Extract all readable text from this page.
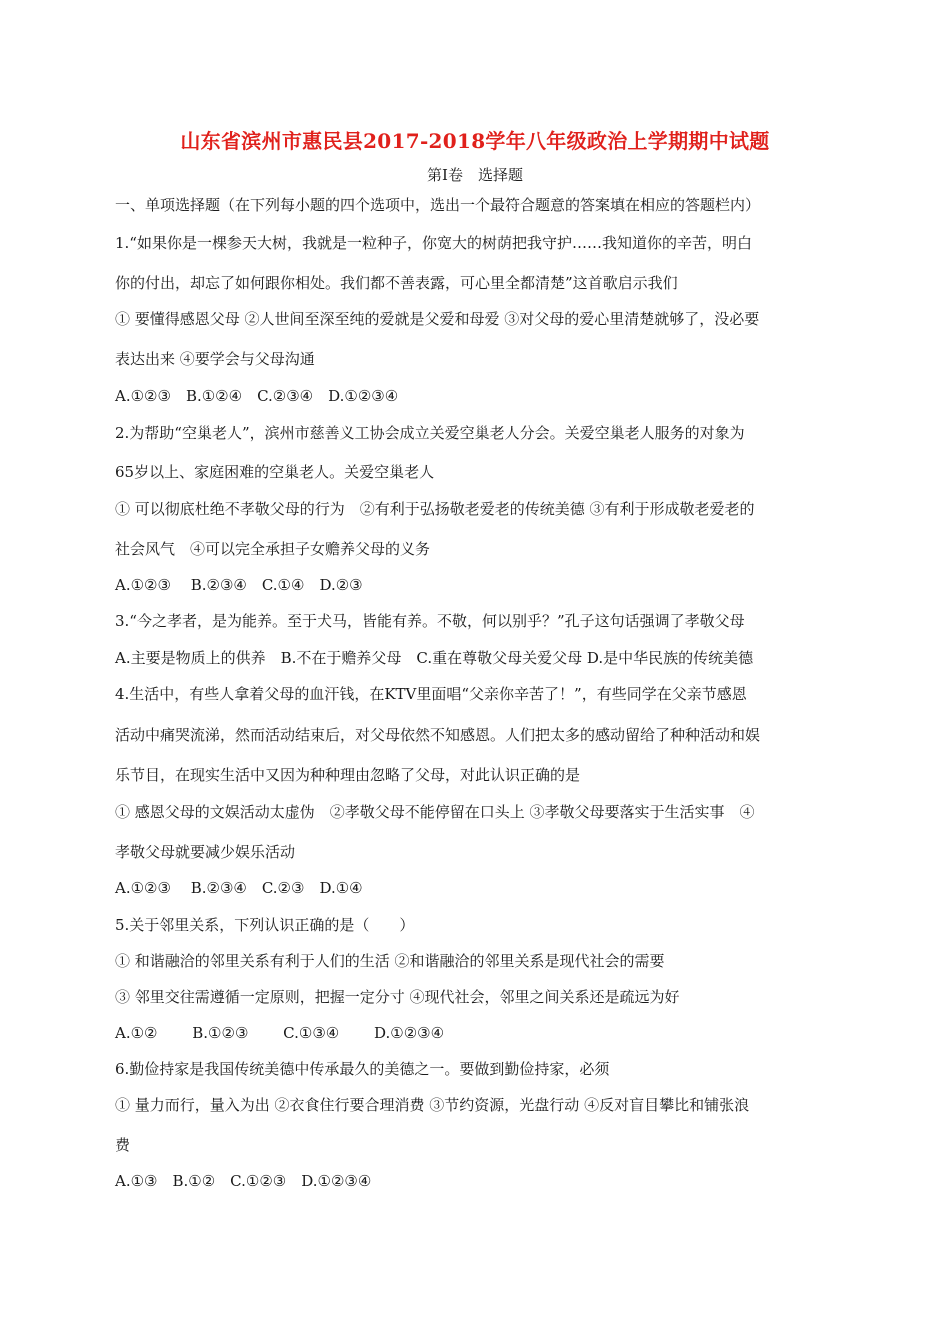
山东省滨州市惠民县2017-2018学年八年级政治上学期期中试题
第Ⅰ卷　选择题
一、单项选择题（在下列每小题的四个选项中，选出一个最符合题意的答案填在相应的答题栏内）
1.“如果你是一棵参天大树，我就是一粒种子，你宽大的树荫把我守护……我知道你的辛苦，明白
你的付出，却忘了如何跟你相处。我们都不善表露，可心里全都清楚”这首歌启示我们
① 要懂得感恩父母 ②人世间至深至纯的爱就是父爱和母爱 ③对父母的爱心里清楚就够了，没必要
表达出来 ④要学会与父母沟通
A.①②③　B.①②④　C.②③④　D.①②③④
2.为帮助“空巢老人”，滨州市慈善义工协会成立关爱空巢老人分会。关爱空巢老人服务的对象为
65岁以上、家庭困难的空巢老人。关爱空巢老人
① 可以彻底杜绝不孝敬父母的行为　②有利于弘扬敬老爱老的传统美德 ③有利于形成敬老爱老的
社会风气　④可以完全承担子女赡养父母的义务
A.①②③　 B.②③④　C.①④　D.②③
3.“今之孝者，是为能养。至于犬马，皆能有养。不敬，何以别乎？”孔子这句话强调了孝敬父母
A.主要是物质上的供养　B.不在于赡养父母　C.重在尊敬父母关爱父母 D.是中华民族的传统美德
4.生活中，有些人拿着父母的血汗钱，在KTV里面唱“父亲你辛苦了！”，有些同学在父亲节感恩
活动中痛哭流涕，然而活动结束后，对父母依然不知感恩。人们把太多的感动留给了种种活动和娱
乐节目，在现实生活中又因为种种理由忽略了父母，对此认识正确的是
① 感恩父母的文娱活动太虚伪　②孝敬父母不能停留在口头上 ③孝敬父母要落实于生活实事　④
孝敬父母就要减少娱乐活动
A.①②③　 B.②③④　C.②③　D.①④
5.关于邻里关系，下列认识正确的是（　　）
① 和谐融洽的邻里关系有利于人们的生活 ②和谐融洽的邻里关系是现代社会的需要
③ 邻里交往需遵循一定原则，把握一定分寸 ④现代社会，邻里之间关系还是疏远为好
A.①②　　 B.①②③　　 C.①③④　　 D.①②③④
6.勤俭持家是我国传统美德中传承最久的美德之一。要做到勤俭持家，必须
① 量力而行，量入为出 ②衣食住行要合理消费 ③节约资源，光盘行动 ④反对盲目攀比和铺张浪
费
A.①③　B.①②　C.①②③　D.①②③④
